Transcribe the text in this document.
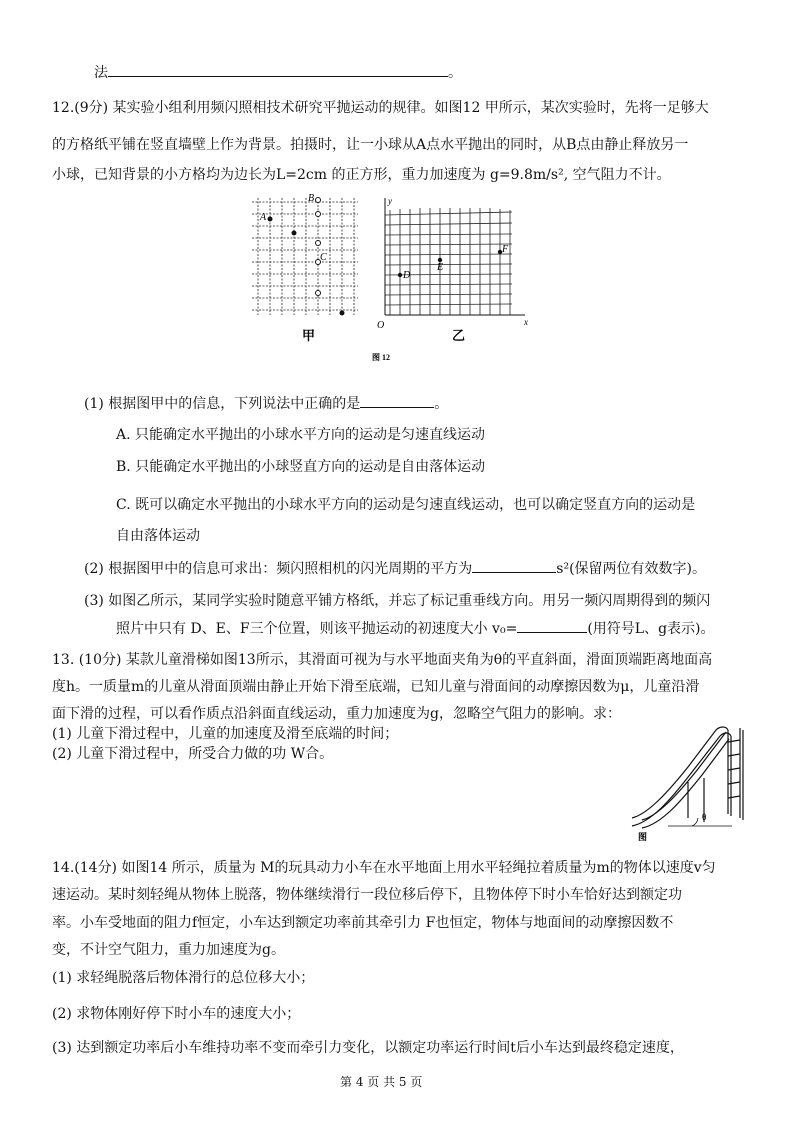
法	。
12.(9分) 某实验小组利用频闪照相技术研究平抛运动的规律。如图12 甲所示，某次实验时，先将一足够大
的方格纸平铺在竖直墙壁上作为背景。拍摄时，让一小球从A点水平抛出的同时，从B点由静止释放另一
小球，已知背景的小方格均为边长为L=2cm 的正方形，重力加速度为 g=9.8m/s², 空气阻力不计。
A
B
C
甲
D
E
F
O
y
x
乙
图 12
(1) 根据图甲中的信息，下列说法中正确的是	。
A. 只能确定水平抛出的小球水平方向的运动是匀速直线运动
B. 只能确定水平抛出的小球竖直方向的运动是自由落体运动
C. 既可以确定水平抛出的小球水平方向的运动是匀速直线运动，也可以确定竖直方向的运动是
自由落体运动
(2) 根据图甲中的信息可求出：频闪照相机的闪光周期的平方为	s²(保留两位有效数字)。
(3) 如图乙所示，某同学实验时随意平铺方格纸，并忘了标记重垂线方向。用另一频闪周期得到的频闪
照片中只有 D、E、F三个位置，则该平抛运动的初速度大小 v₀=	(用符号L、g表示)。
13. (10分) 某款儿童滑梯如图13所示，其滑面可视为与水平地面夹角为θ的平直斜面，滑面顶端距离地面高
度h。一质量m的儿童从滑面顶端由静止开始下滑至底端，已知儿童与滑面间的动摩擦因数为μ，儿童沿滑
面下滑的过程，可以看作质点沿斜面直线运动，重力加速度为g，忽略空气阻力的影响。求：
(1) 儿童下滑过程中，儿童的加速度及滑至底端的时间；
(2) 儿童下滑过程中，所受合力做的功 W合。
θ
图
14.(14分) 如图14 所示，质量为 M的玩具动力小车在水平地面上用水平轻绳拉着质量为m的物体以速度v匀
速运动。某时刻轻绳从物体上脱落，物体继续滑行一段位移后停下，且物体停下时小车恰好达到额定功
率。小车受地面的阻力f恒定，小车达到额定功率前其牵引力 F也恒定，物体与地面间的动摩擦因数不
变，不计空气阻力，重力加速度为g。
(1) 求轻绳脱落后物体滑行的总位移大小；
(2) 求物体刚好停下时小车的速度大小；
(3) 达到额定功率后小车维持功率不变而牵引力变化，以额定功率运行时间t后小车达到最终稳定速度，
第 4 页 共 5 页
